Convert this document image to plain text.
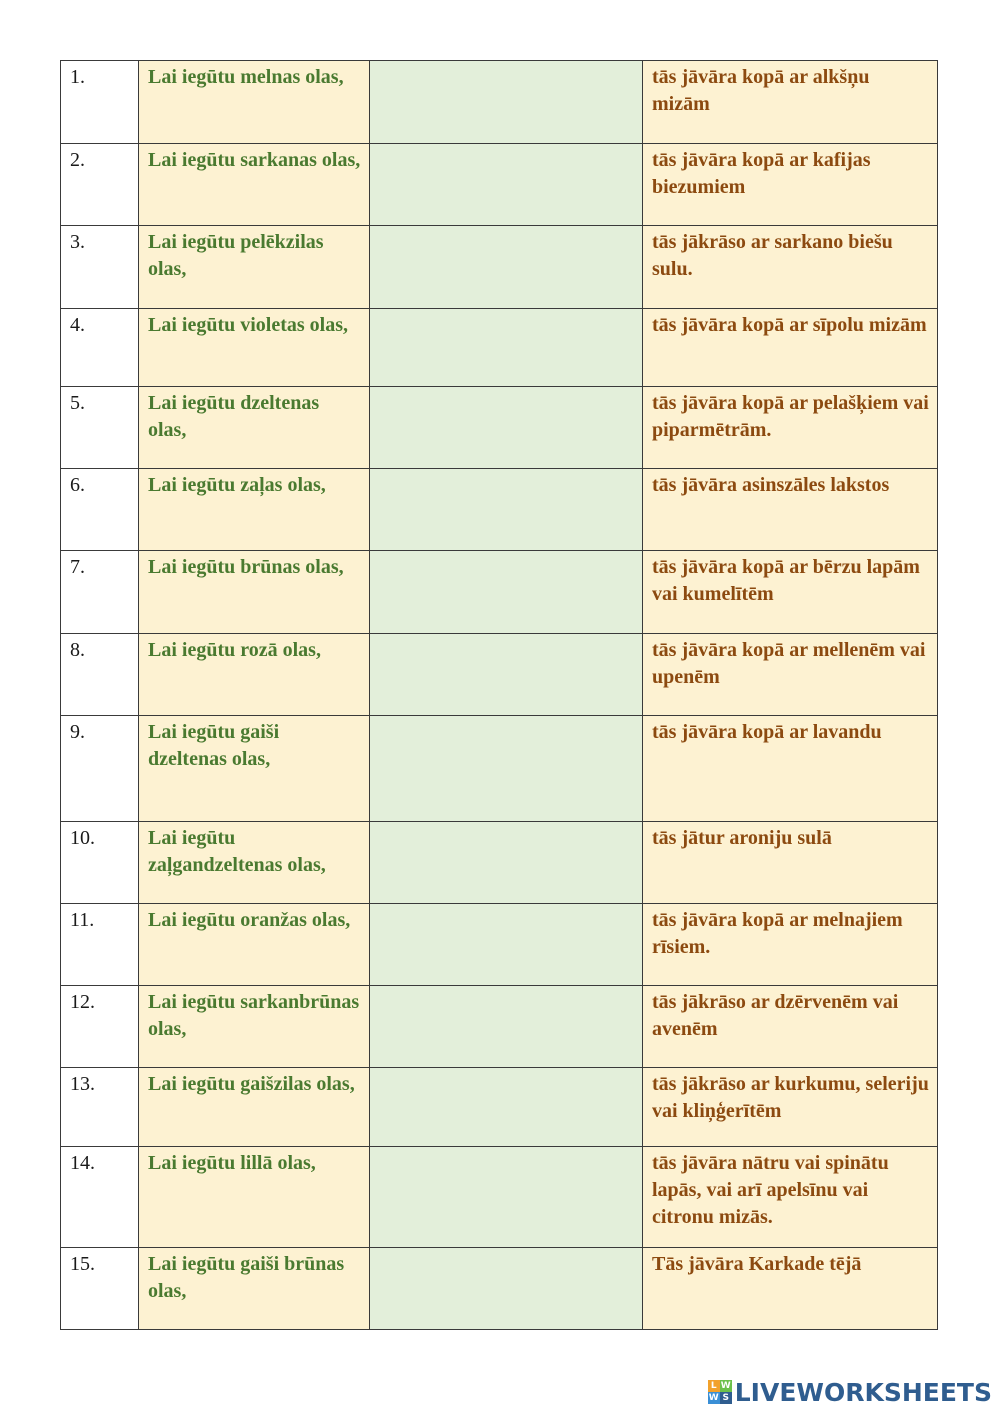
1.	Lai iegūtu melnas olas,		tās jāvāra kopā ar alkšņu mizām

2.	Lai iegūtu sarkanas olas,		tās jāvāra kopā ar kafijas biezumiem

3.	Lai iegūtu pelēkzilas olas,		tās jākrāso ar sarkano biešu sulu.

4.	Lai iegūtu violetas olas,		tās jāvāra kopā ar sīpolu mizām

5.	Lai iegūtu dzeltenas olas,		tās jāvāra kopā ar pelašķiem vai piparmētrām.

6.	Lai iegūtu zaļas olas,		tās jāvāra asinszāles lakstos

7.	Lai iegūtu brūnas olas,		tās jāvāra kopā ar bērzu lapām vai kumelītēm

8.	Lai iegūtu rozā olas,		tās jāvāra kopā ar mellenēm vai upenēm

9.	Lai iegūtu gaiši dzeltenas olas,		tās jāvāra kopā ar lavandu

10.	Lai iegūtu zaļgandzeltenas olas,		tās jātur aroniju sulā

11.	Lai iegūtu oranžas olas,		tās jāvāra kopā ar melnajiem rīsiem.

12.	Lai iegūtu sarkanbrūnas olas,		tās jākrāso ar dzērvenēm vai avenēm

13.	Lai iegūtu gaišzilas olas,		tās jākrāso ar kurkumu, seleriju vai kliņģerītēm

14.	Lai iegūtu lillā olas,		tās jāvāra nātru vai spinātu lapās, vai arī apelsīnu vai citronu mizās.

15.	Lai iegūtu gaiši brūnas olas,		Tās jāvāra Karkade tējā
L W
W S LIVEWORKSHEETS
